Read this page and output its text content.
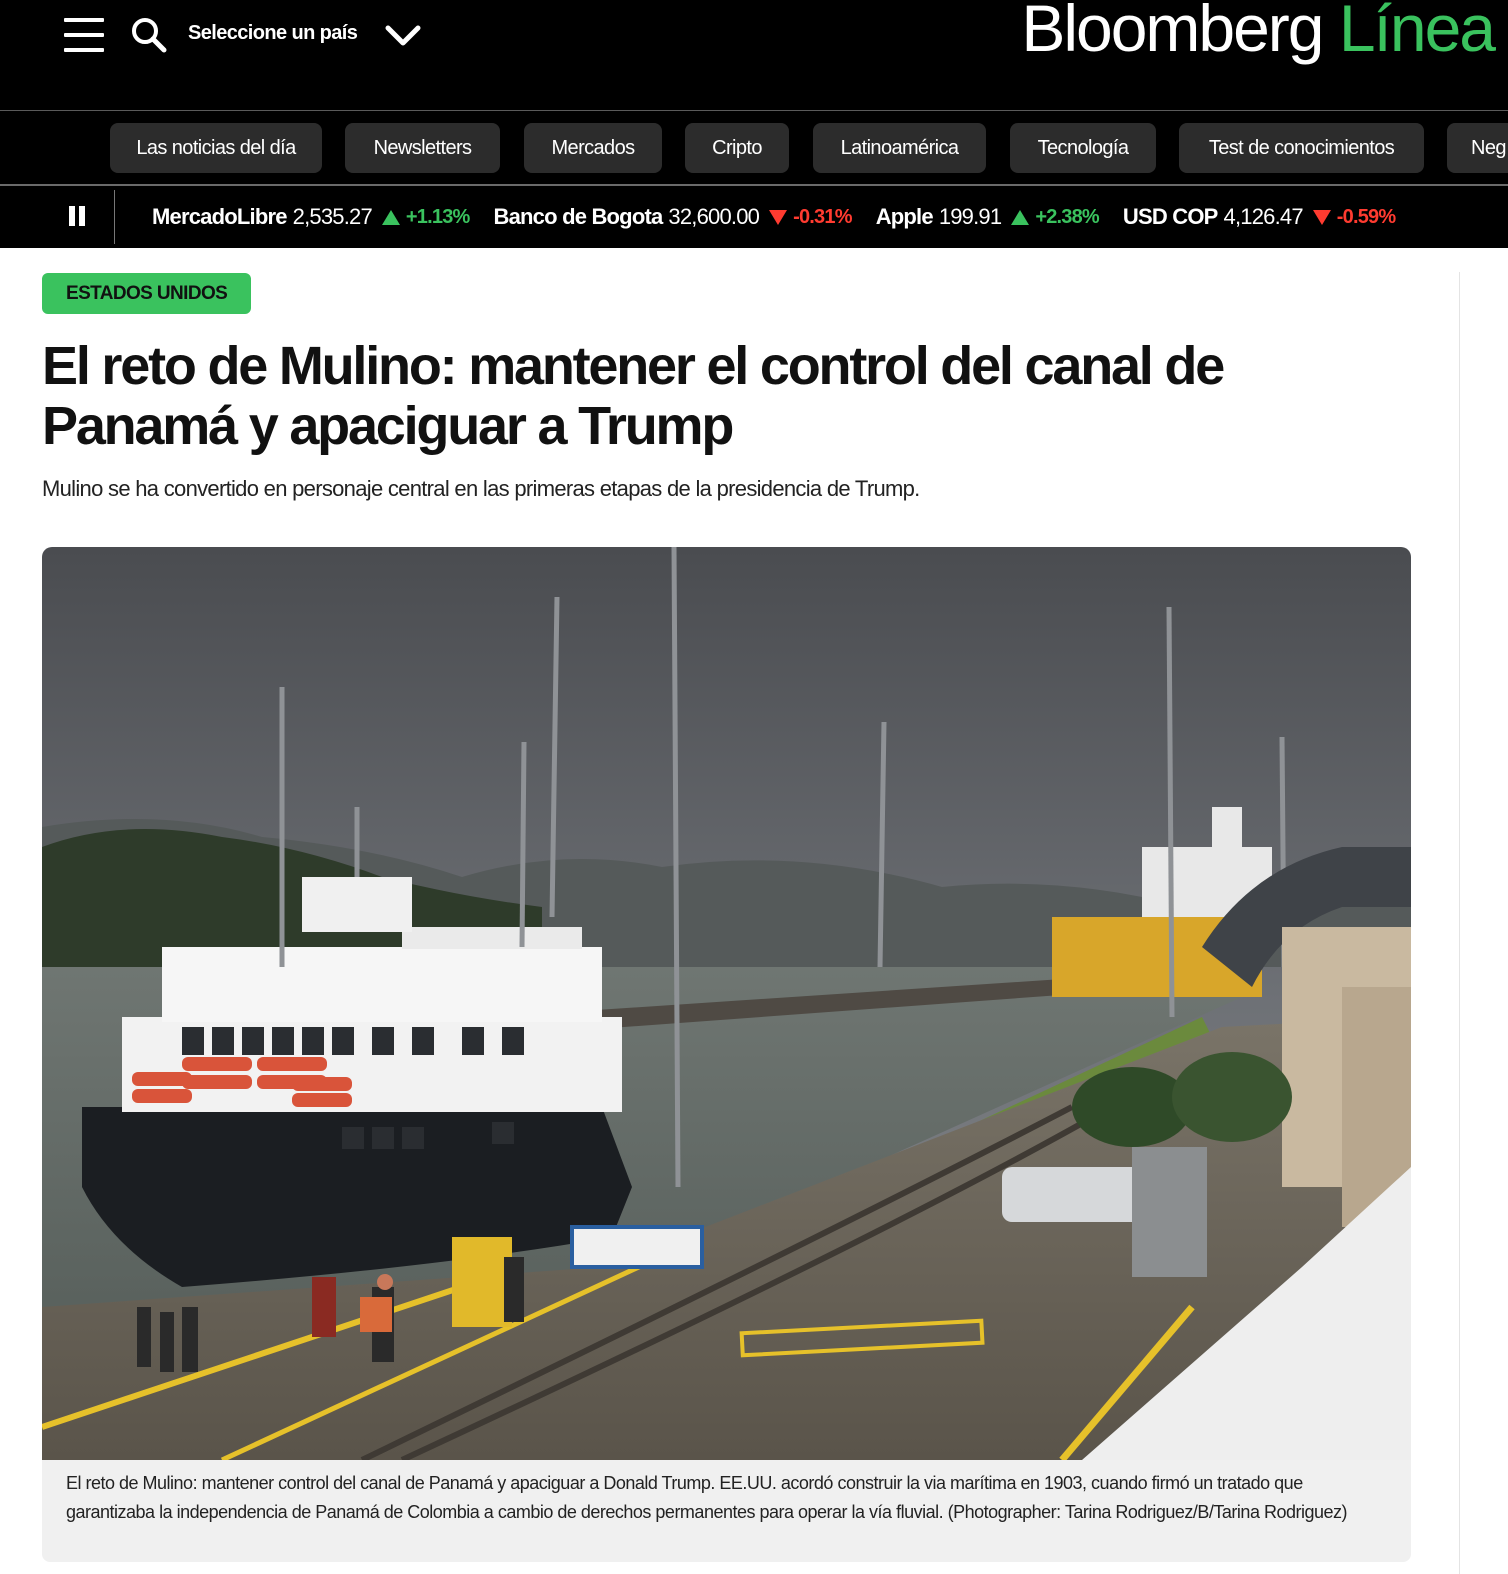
Seleccione un país	Bloomberg Línea
Las noticias del día	Newsletters	Mercados	Cripto	Latinoamérica	Tecnología	Test de conocimientos	Neg
MercadoLibre 2,535.27 +1.13% Banco de Bogota 32,600.00 -0.31% Apple 199.91 +2.38% USD COP 4,126.47 -0.59%
ESTADOS UNIDOS
El reto de Mulino: mantener el control del canal de Panamá y apaciguar a Trump

Mulino se ha convertido en personaje central en las primeras etapas de la presidencia de Trump.

El reto de Mulino: mantener control del canal de Panamá y apaciguar a Donald Trump. EE.UU. acordó construir la via marítima en 1903, cuando firmó un tratado que garantizaba la independencia de Panamá de Colombia a cambio de derechos permanentes para operar la vía fluvial. (Photographer: Tarina Rodriguez/B/Tarina Rodriguez)
